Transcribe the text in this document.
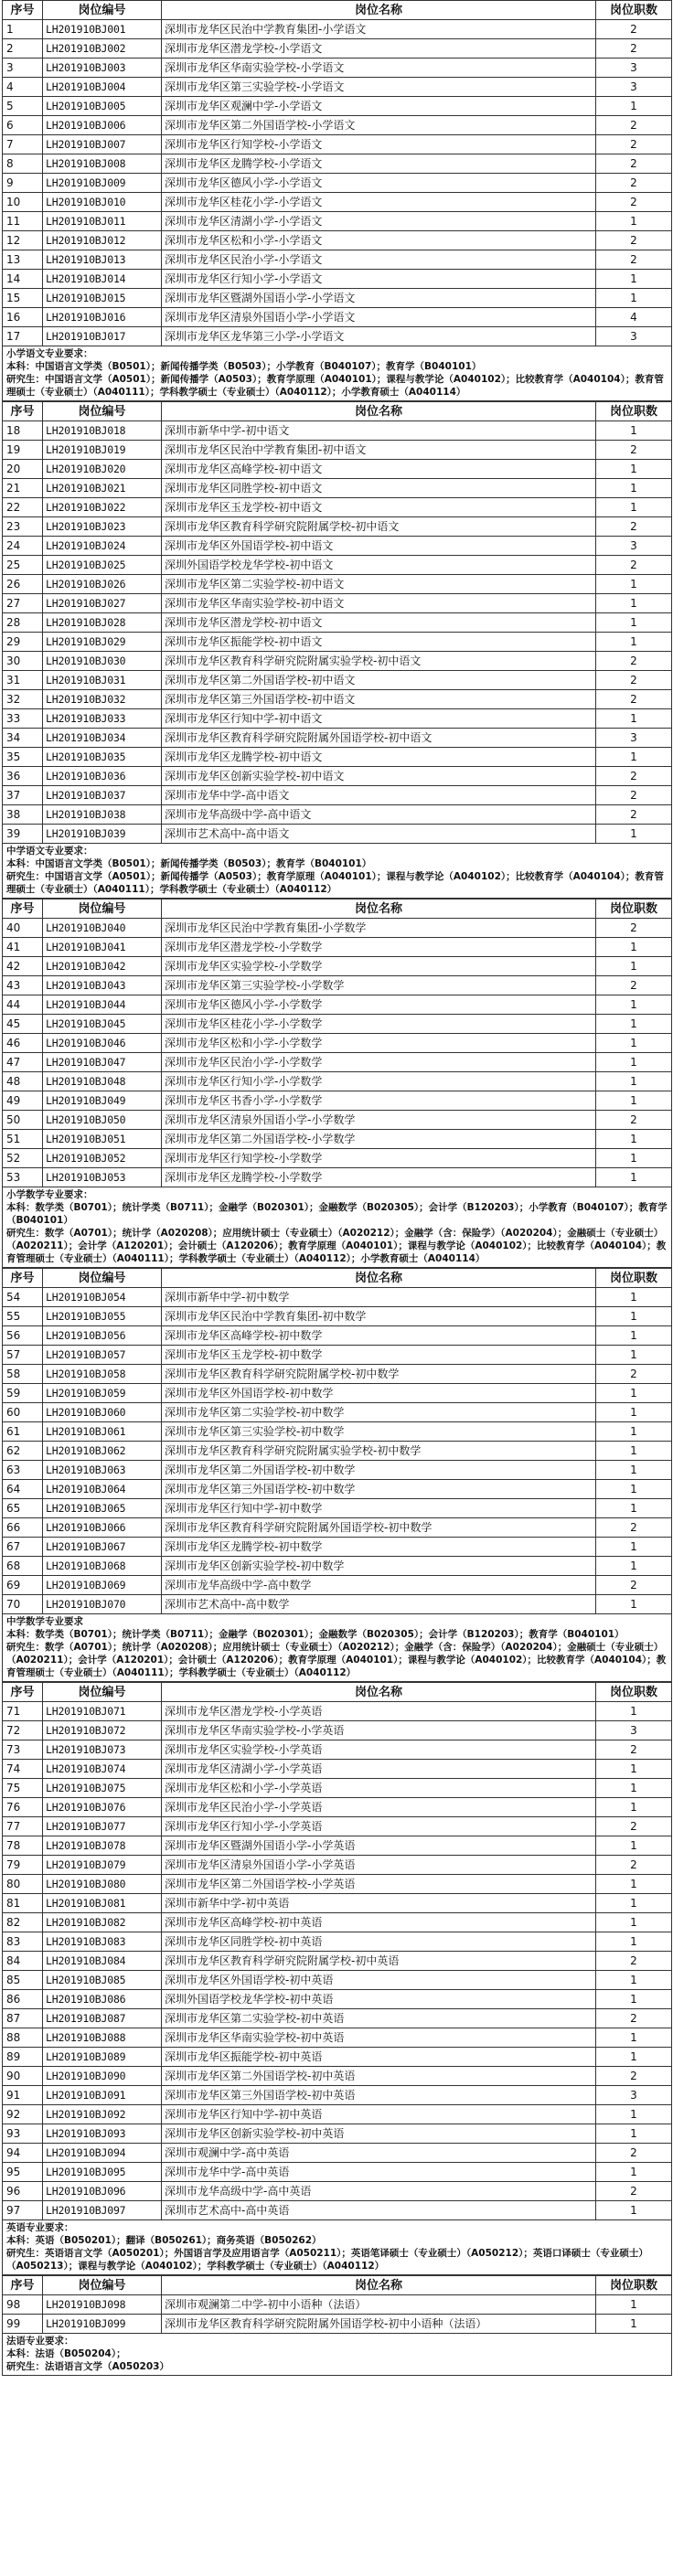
序号	岗位编号	岗位名称	岗位职数
1	LH201910BJ001	深圳市龙华区民治中学教育集团-小学语文	2
2	LH201910BJ002	深圳市龙华区潜龙学校-小学语文	2
3	LH201910BJ003	深圳市龙华区华南实验学校-小学语文	3
4	LH201910BJ004	深圳市龙华区第三实验学校-小学语文	3
5	LH201910BJ005	深圳市龙华区观澜中学-小学语文	1
6	LH201910BJ006	深圳市龙华区第二外国语学校-小学语文	2
7	LH201910BJ007	深圳市龙华区行知学校-小学语文	2
8	LH201910BJ008	深圳市龙华区龙腾学校-小学语文	2
9	LH201910BJ009	深圳市龙华区德风小学-小学语文	2
10	LH201910BJ010	深圳市龙华区桂花小学-小学语文	2
11	LH201910BJ011	深圳市龙华区清湖小学-小学语文	1
12	LH201910BJ012	深圳市龙华区松和小学-小学语文	2
13	LH201910BJ013	深圳市龙华区民治小学-小学语文	2
14	LH201910BJ014	深圳市龙华区行知小学-小学语文	1
15	LH201910BJ015	深圳市龙华区暨湖外国语小学-小学语文	1
16	LH201910BJ016	深圳市龙华区清泉外国语小学-小学语文	4
17	LH201910BJ017	深圳市龙华区龙华第三小学-小学语文	3

小学语文专业要求：
本科：中国语言文学类（B0501）；新闻传播学类（B0503）；小学教育（B040107）；教育学（B040101）
研究生：中国语言文学（A0501）；新闻传播学（A0503）；教育学原理（A040101）；课程与教学论（A040102）；比较教育学（A040104）；教育管理硕士（专业硕士）（A040111）；学科教学硕士（专业硕士）（A040112）；小学教育硕士（A040114）			
序号	岗位编号	岗位名称	岗位职数
18	LH201910BJ018	深圳市新华中学-初中语文	1
19	LH201910BJ019	深圳市龙华区民治中学教育集团-初中语文	2
20	LH201910BJ020	深圳市龙华区高峰学校-初中语文	1
21	LH201910BJ021	深圳市龙华区同胜学校-初中语文	1
22	LH201910BJ022	深圳市龙华区玉龙学校-初中语文	1
23	LH201910BJ023	深圳市龙华区教育科学研究院附属学校-初中语文	2
24	LH201910BJ024	深圳市龙华区外国语学校-初中语文	3
25	LH201910BJ025	深圳外国语学校龙华学校-初中语文	2
26	LH201910BJ026	深圳市龙华区第二实验学校-初中语文	1
27	LH201910BJ027	深圳市龙华区华南实验学校-初中语文	1
28	LH201910BJ028	深圳市龙华区潜龙学校-初中语文	1
29	LH201910BJ029	深圳市龙华区振能学校-初中语文	1
30	LH201910BJ030	深圳市龙华区教育科学研究院附属实验学校-初中语文	2
31	LH201910BJ031	深圳市龙华区第二外国语学校-初中语文	2
32	LH201910BJ032	深圳市龙华区第三外国语学校-初中语文	2
33	LH201910BJ033	深圳市龙华区行知中学-初中语文	1
34	LH201910BJ034	深圳市龙华区教育科学研究院附属外国语学校-初中语文	3
35	LH201910BJ035	深圳市龙华区龙腾学校-初中语文	1
36	LH201910BJ036	深圳市龙华区创新实验学校-初中语文	2
37	LH201910BJ037	深圳市龙华中学-高中语文	2
38	LH201910BJ038	深圳市龙华高级中学-高中语文	2
39	LH201910BJ039	深圳市艺术高中-高中语文	1

中学语文专业要求：
本科：中国语言文学类（B0501）；新闻传播学类（B0503）；教育学（B040101）
研究生：中国语言文学（A0501）；新闻传播学（A0503）；教育学原理（A040101）；课程与教学论（A040102）；比较教育学（A040104）；教育管理硕士（专业硕士）（A040111）；学科教学硕士（专业硕士）（A040112）			
序号	岗位编号	岗位名称	岗位职数
40	LH201910BJ040	深圳市龙华区民治中学教育集团-小学数学	2
41	LH201910BJ041	深圳市龙华区潜龙学校-小学数学	1
42	LH201910BJ042	深圳市龙华区实验学校-小学数学	1
43	LH201910BJ043	深圳市龙华区第三实验学校-小学数学	2
44	LH201910BJ044	深圳市龙华区德风小学-小学数学	1
45	LH201910BJ045	深圳市龙华区桂花小学-小学数学	1
46	LH201910BJ046	深圳市龙华区松和小学-小学数学	1
47	LH201910BJ047	深圳市龙华区民治小学-小学数学	1
48	LH201910BJ048	深圳市龙华区行知小学-小学数学	1
49	LH201910BJ049	深圳市龙华区书香小学-小学数学	1
50	LH201910BJ050	深圳市龙华区清泉外国语小学-小学数学	2
51	LH201910BJ051	深圳市龙华区第二外国语学校-小学数学	1
52	LH201910BJ052	深圳市龙华区行知学校-小学数学	1
53	LH201910BJ053	深圳市龙华区龙腾学校-小学数学	1

小学数学专业要求：
本科：数学类（B0701）；统计学类（B0711）；金融学（B020301）；金融数学（B020305）；会计学（B120203）；小学教育（B040107）；教育学（B040101）
研究生：数学（A0701）；统计学（A020208）；应用统计硕士（专业硕士）（A020212）；金融学（含：保险学）（A020204）；金融硕士（专业硕士）（A020211）；会计学（A120201）；会计硕士（A120206）；教育学原理（A040101）；课程与教学论（A040102）；比较教育学（A040104）；教育管理硕士（专业硕士）（A040111）；学科教学硕士（专业硕士）（A040112）；小学教育硕士（A040114）			
序号	岗位编号	岗位名称	岗位职数
54	LH201910BJ054	深圳市新华中学-初中数学	1
55	LH201910BJ055	深圳市龙华区民治中学教育集团-初中数学	1
56	LH201910BJ056	深圳市龙华区高峰学校-初中数学	1
57	LH201910BJ057	深圳市龙华区玉龙学校-初中数学	1
58	LH201910BJ058	深圳市龙华区教育科学研究院附属学校-初中数学	2
59	LH201910BJ059	深圳市龙华区外国语学校-初中数学	1
60	LH201910BJ060	深圳市龙华区第二实验学校-初中数学	1
61	LH201910BJ061	深圳市龙华区第三实验学校-初中数学	1
62	LH201910BJ062	深圳市龙华区教育科学研究院附属实验学校-初中数学	1
63	LH201910BJ063	深圳市龙华区第二外国语学校-初中数学	1
64	LH201910BJ064	深圳市龙华区第三外国语学校-初中数学	1
65	LH201910BJ065	深圳市龙华区行知中学-初中数学	1
66	LH201910BJ066	深圳市龙华区教育科学研究院附属外国语学校-初中数学	2
67	LH201910BJ067	深圳市龙华区龙腾学校-初中数学	1
68	LH201910BJ068	深圳市龙华区创新实验学校-初中数学	1
69	LH201910BJ069	深圳市龙华高级中学-高中数学	2
70	LH201910BJ070	深圳市艺术高中-高中数学	1

中学数学专业要求
本科：数学类（B0701）；统计学类（B0711）；金融学（B020301）；金融数学（B020305）；会计学（B120203）；教育学（B040101）
研究生：数学（A0701）；统计学（A020208）；应用统计硕士（专业硕士）（A020212）；金融学（含：保险学）（A020204）；金融硕士（专业硕士）（A020211）；会计学（A120201）；会计硕士（A120206）；教育学原理（A040101）；课程与教学论（A040102）；比较教育学（A040104）；教育管理硕士（专业硕士）（A040111）；学科教学硕士（专业硕士）（A040112）			
序号	岗位编号	岗位名称	岗位职数
71	LH201910BJ071	深圳市龙华区潜龙学校-小学英语	1
72	LH201910BJ072	深圳市龙华区华南实验学校-小学英语	3
73	LH201910BJ073	深圳市龙华区实验学校-小学英语	2
74	LH201910BJ074	深圳市龙华区清湖小学-小学英语	1
75	LH201910BJ075	深圳市龙华区松和小学-小学英语	1
76	LH201910BJ076	深圳市龙华区民治小学-小学英语	1
77	LH201910BJ077	深圳市龙华区行知小学-小学英语	2
78	LH201910BJ078	深圳市龙华区暨湖外国语小学-小学英语	1
79	LH201910BJ079	深圳市龙华区清泉外国语小学-小学英语	2
80	LH201910BJ080	深圳市龙华区第二外国语学校-小学英语	1
81	LH201910BJ081	深圳市新华中学-初中英语	1
82	LH201910BJ082	深圳市龙华区高峰学校-初中英语	1
83	LH201910BJ083	深圳市龙华区同胜学校-初中英语	1
84	LH201910BJ084	深圳市龙华区教育科学研究院附属学校-初中英语	2
85	LH201910BJ085	深圳市龙华区外国语学校-初中英语	1
86	LH201910BJ086	深圳外国语学校龙华学校-初中英语	1
87	LH201910BJ087	深圳市龙华区第二实验学校-初中英语	2
88	LH201910BJ088	深圳市龙华区华南实验学校-初中英语	1
89	LH201910BJ089	深圳市龙华区振能学校-初中英语	1
90	LH201910BJ090	深圳市龙华区第二外国语学校-初中英语	2
91	LH201910BJ091	深圳市龙华区第三外国语学校-初中英语	3
92	LH201910BJ092	深圳市龙华区行知中学-初中英语	1
93	LH201910BJ093	深圳市龙华区创新实验学校-初中英语	1
94	LH201910BJ094	深圳市观澜中学-高中英语	2
95	LH201910BJ095	深圳市龙华中学-高中英语	1
96	LH201910BJ096	深圳市龙华高级中学-高中英语	2
97	LH201910BJ097	深圳市艺术高中-高中英语	1

英语专业要求：
本科：英语（B050201）；翻译（B050261）；商务英语（B050262）
研究生：英语语言文学（A050201）；外国语言学及应用语言学（A050211）；英语笔译硕士（专业硕士）（A050212）；英语口译硕士（专业硕士）（A050213）；课程与教学论（A040102）；学科教学硕士（专业硕士）（A040112）			
序号	岗位编号	岗位名称	岗位职数
98	LH201910BJ098	深圳市观澜第二中学-初中小语种（法语）	1
99	LH201910BJ099	深圳市龙华区教育科学研究院附属外国语学校-初中小语种（法语）	1

法语专业要求：
本科：法语（B050204）；
研究生：法语语言文学（A050203）			
